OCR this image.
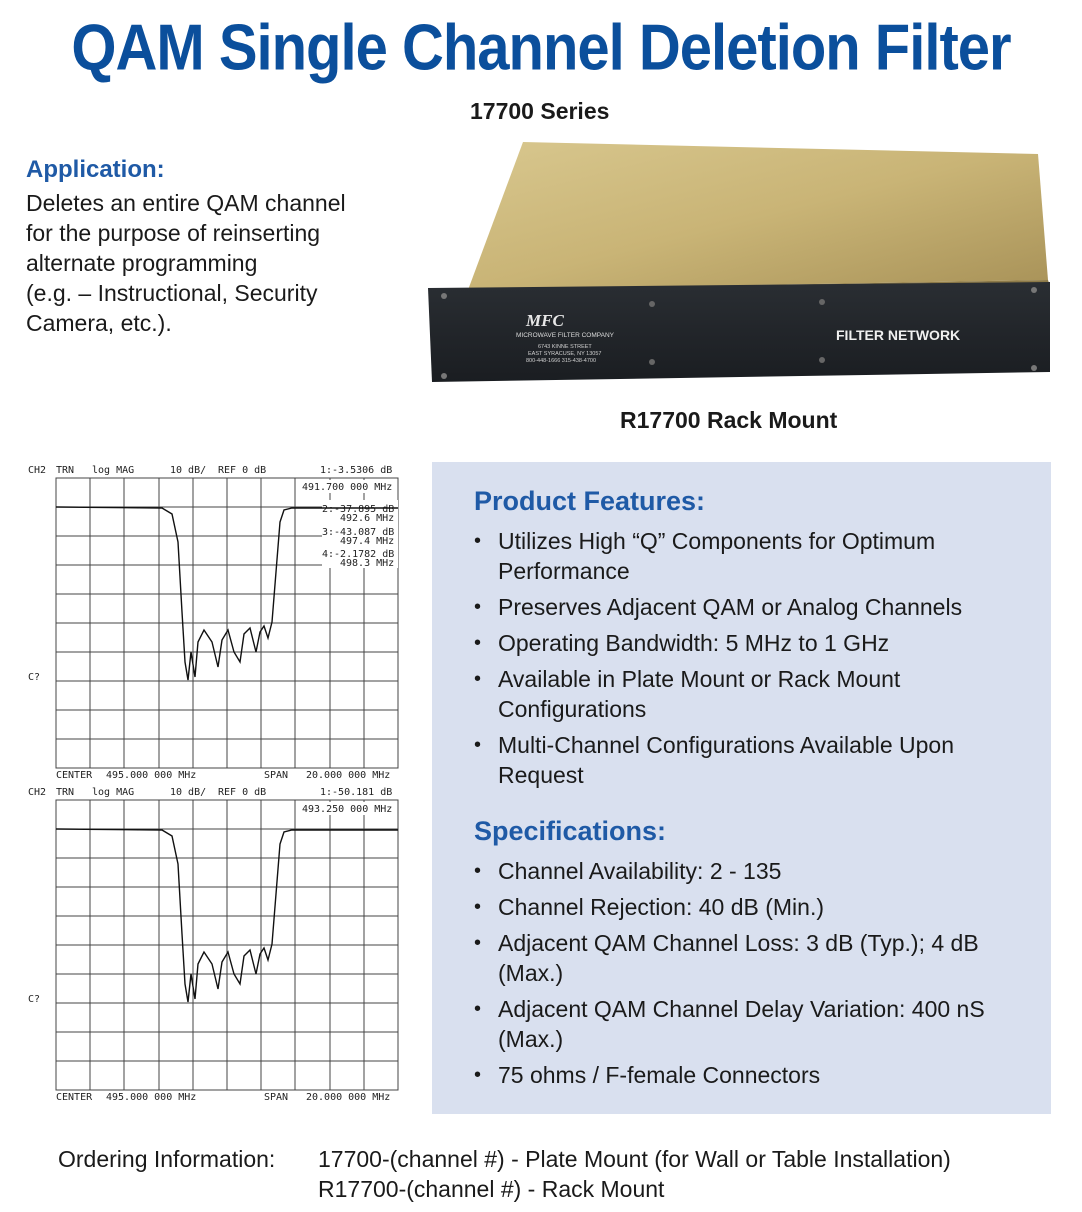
QAM Single Channel Deletion Filter
17700 Series
Application:

Deletes an entire QAM channel

for the purpose of reinserting

alternate programming

(e.g. – Instructional, Security

Camera, etc.).	MFC
MICROWAVE FILTER COMPANY
6743 KINNE STREET
EAST SYRACUSE, NY 13057
800-448-1666 315-438-4700
FILTER NETWORK
R17700 Rack Mount
CH2 TRN log MAG	10 dB/ REF 0 dB	1:-3.5306 dB
491.700 000 MHz
2:-37.895 dB
492.6 MHz
3:-43.087 dB
497.4 MHz
4:-2.1782 dB
498.3 MHz
C?
CENTER 495.000 000 MHz	SPAN 20.000 000 MHz
CH2 TRN log MAG	10 dB/ REF 0 dB	1:-50.181 dB
493.250 000 MHz
C?
CENTER 495.000 000 MHz	SPAN 20.000 000 MHz
Product Features:
• Utilizes High “Q” Components for Optimum Performance
• Preserves Adjacent QAM or Analog Channels
• Operating Bandwidth: 5 MHz to 1 GHz
• Available in Plate Mount or Rack Mount Configurations
• Multi-Channel Configurations Available Upon Request
Specifications:
• Channel Availability: 2 - 135
• Channel Rejection: 40 dB (Min.)
• Adjacent QAM Channel Loss: 3 dB (Typ.); 4 dB (Max.)
• Adjacent QAM Channel Delay Variation: 400 nS (Max.)
• 75 ohms / F-female Connectors
Ordering Information: 17700-(channel #) - Plate Mount (for Wall or Table Installation)
R17700-(channel #) - Rack Mount
